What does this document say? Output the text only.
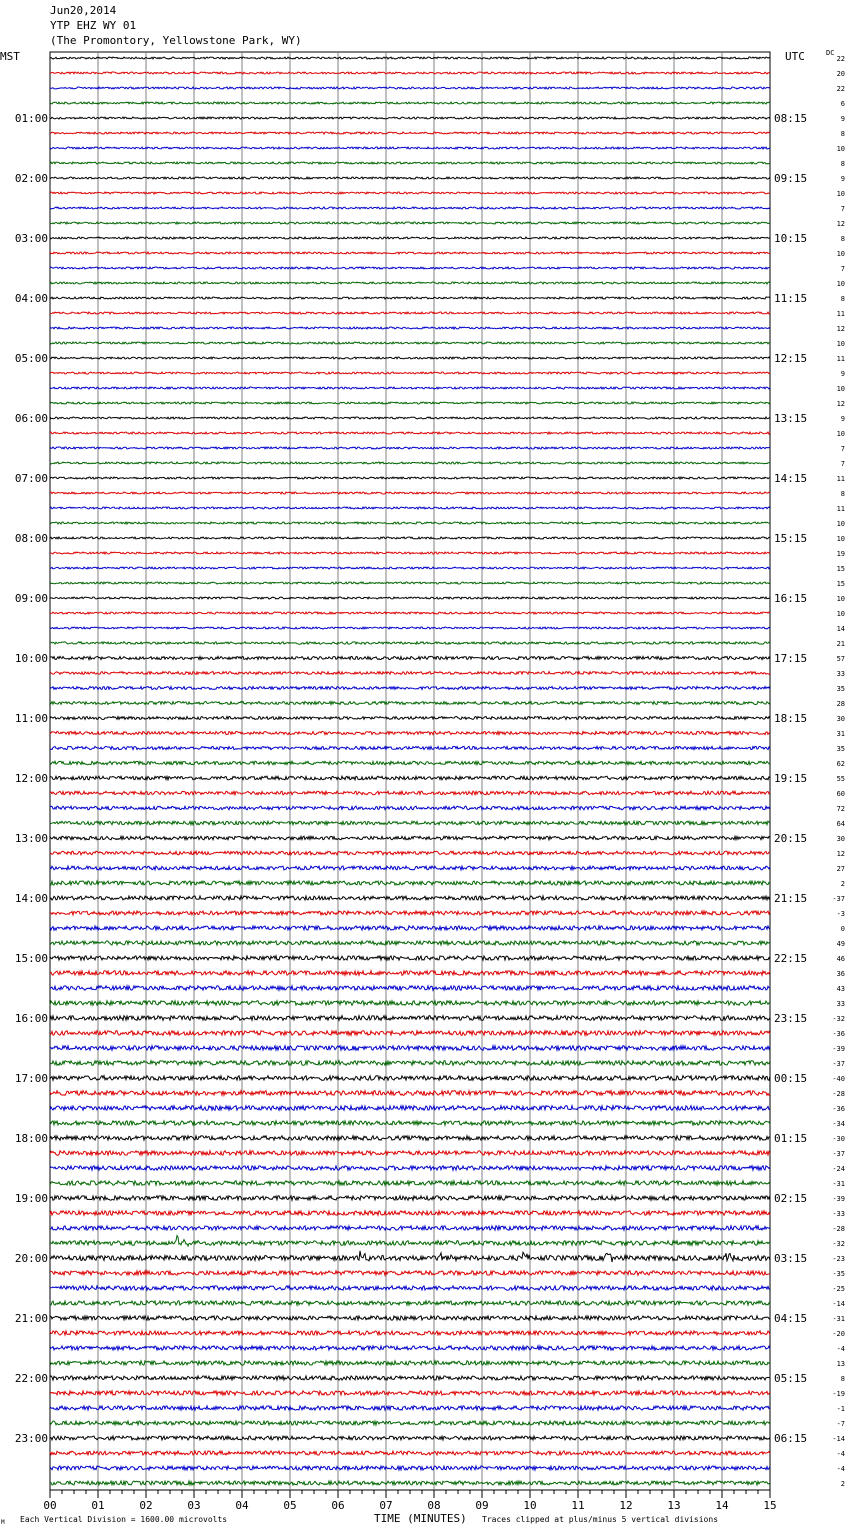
Jun20,2014
YTP EHZ WY 01
(The Promontory, Yellowstone Park, WY)
MST	UTC	DC
01:00
02:00
03:00
04:00
05:00
06:00
07:00
08:00
09:00
10:00
11:00
12:00
13:00
14:00
15:00
16:00
17:00
18:00
19:00
20:00
21:00
22:00
23:00
08:15
09:15
10:15
11:15
12:15
13:15
14:15
15:15
16:15
17:15
18:15
19:15
20:15
21:15
22:15
23:15
00:15
01:15
02:15
03:15
04:15
05:15
06:15
22
20
22
6
9
8
10
8
9
10
7
12
8
10
7
10
8
11
12
10
11
9
10
12
9
10
7
7
11
8
11
10
10
19
15
15
10
10
14
21
57
33
35
28
30
31
35
62
55
60
72
64
30
12
27
2
-37
-3
0
49
46
36
43
33
-32
-36
-39
-37
-40
-28
-36
-34
-30
-37
-24
-31
-39
-33
-28
-32
-23
-35
-25
-14
-31
-20
-4
13
8
-19
-1
-7
-14
-4
-4
2
00	01	02	03	04	05	06	07	08	09	10	11	12	13	14	15
TIME (MINUTES)
M Each Vertical Division = 1600.00 microvolts	Traces clipped at plus/minus 5 vertical divisions
